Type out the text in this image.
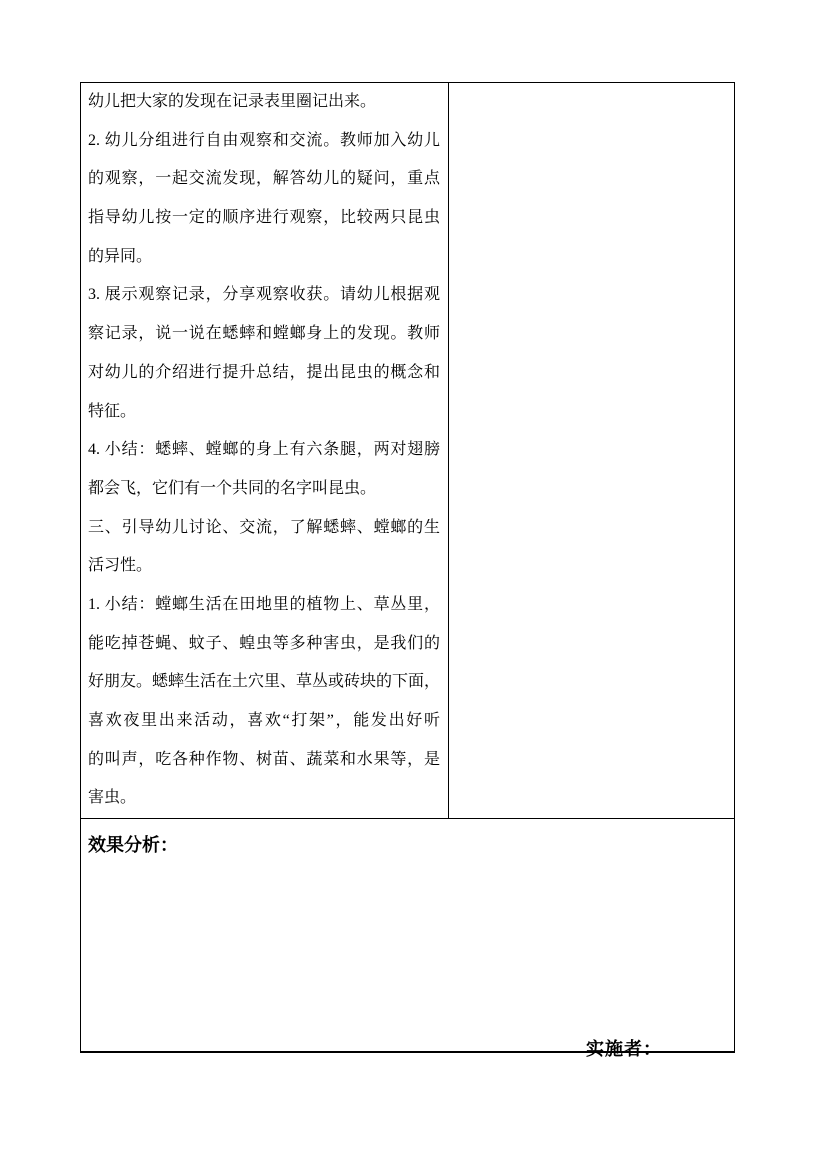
幼儿把大家的发现在记录表里圈记出来。
2. 幼儿分组进行自由观察和交流。教师加入幼儿
的观察，一起交流发现，解答幼儿的疑问，重点
指导幼儿按一定的顺序进行观察，比较两只昆虫
的异同。
3. 展示观察记录，分享观察收获。请幼儿根据观
察记录，说一说在蟋蟀和螳螂身上的发现。教师
对幼儿的介绍进行提升总结，提出昆虫的概念和
特征。
4. 小结：蟋蟀、螳螂的身上有六条腿，两对翅膀
都会飞，它们有一个共同的名字叫昆虫。
三、引导幼儿讨论、交流，了解蟋蟀、螳螂的生
活习性。
1. 小结：螳螂生活在田地里的植物上、草丛里，
能吃掉苍蝇、蚊子、蝗虫等多种害虫，是我们的
好朋友。蟋蟀生活在土穴里、草丛或砖块的下面，
喜欢夜里出来活动，喜欢“打架”，能发出好听
的叫声，吃各种作物、树苗、蔬菜和水果等，是
害虫。
效果分析：
实施者：
